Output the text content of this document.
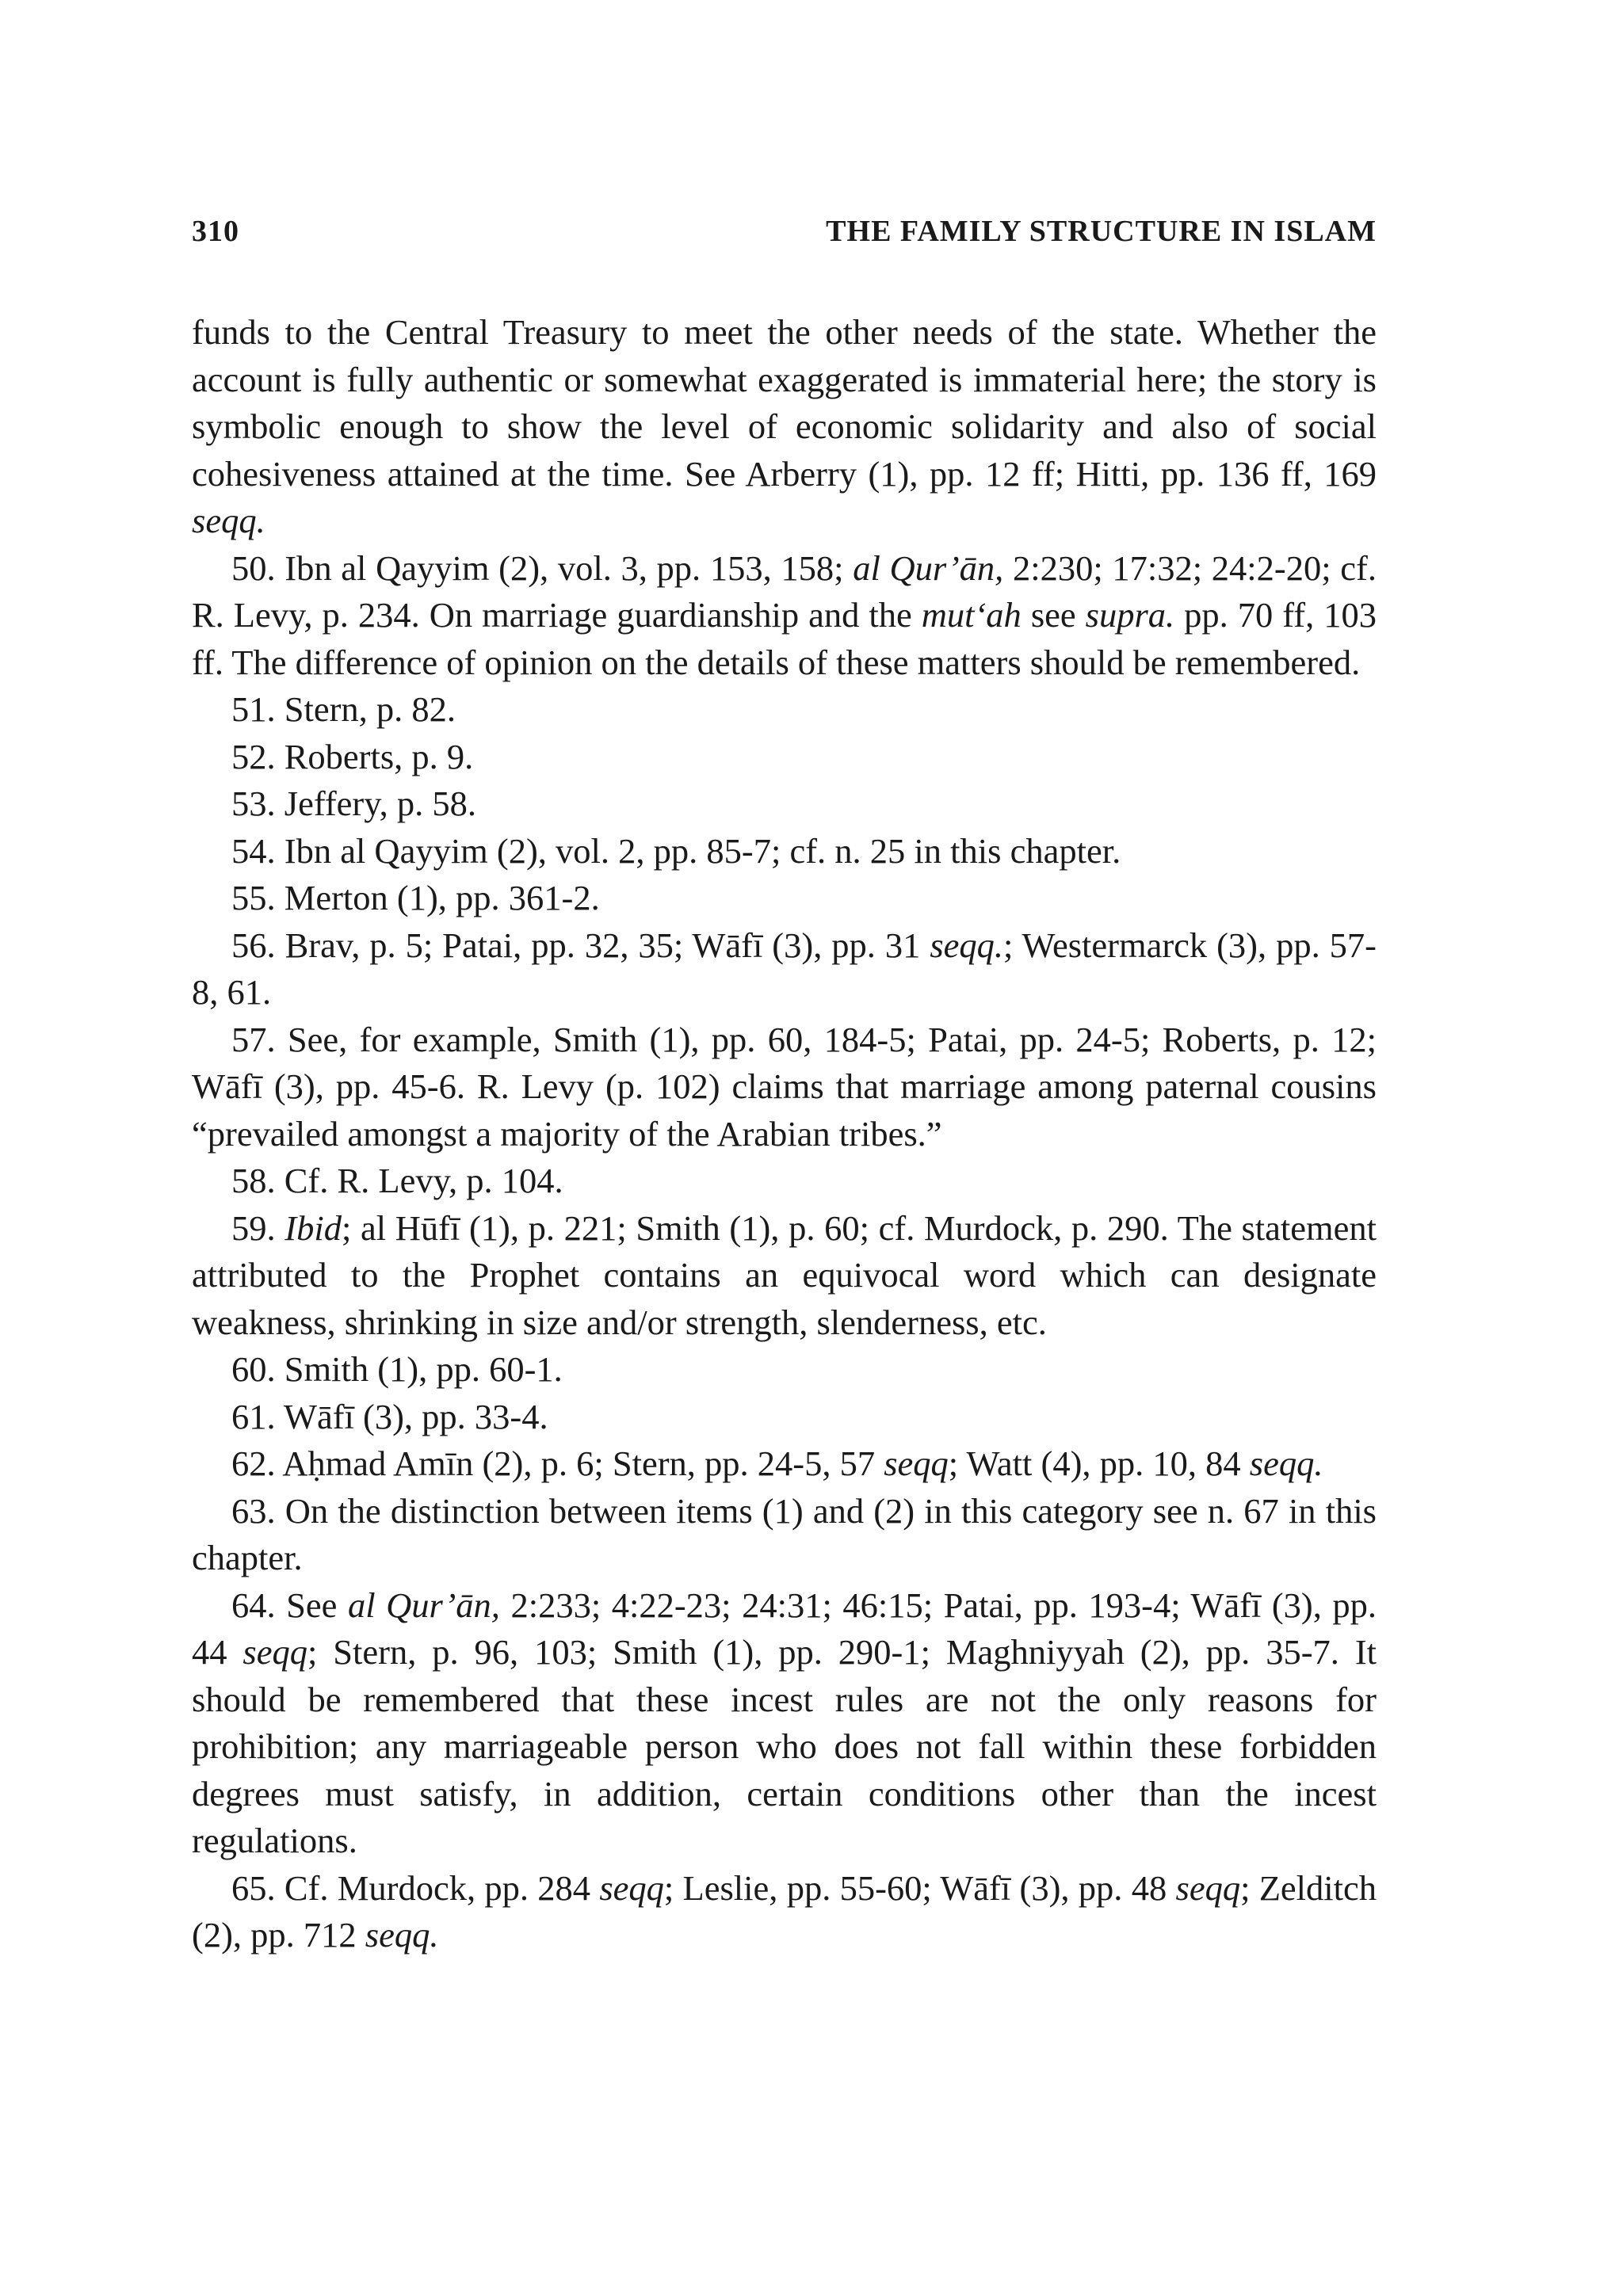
310	THE FAMILY STRUCTURE IN ISLAM

funds to the Central Treasury to meet the other needs of the state. Whether the account is fully authentic or somewhat exaggerated is immaterial here; the story is symbolic enough to show the level of economic solidarity and also of social cohesiveness attained at the time. See Arberry (1), pp. 12 ff; Hitti, pp. 136 ff, 169 seqq.

50. Ibn al Qayyim (2), vol. 3, pp. 153, 158; al Qur’ān, 2:230; 17:32; 24:2-20; cf. R. Levy, p. 234. On marriage guardianship and the mut‘ah see supra. pp. 70 ff, 103 ff. The difference of opinion on the details of these matters should be remembered.

51. Stern, p. 82.

52. Roberts, p. 9.

53. Jeffery, p. 58.

54. Ibn al Qayyim (2), vol. 2, pp. 85-7; cf. n. 25 in this chapter.

55. Merton (1), pp. 361-2.

56. Brav, p. 5; Patai, pp. 32, 35; Wāfī (3), pp. 31 seqq.; Westermarck (3), pp. 57-8, 61.

57. See, for example, Smith (1), pp. 60, 184-5; Patai, pp. 24-5; Roberts, p. 12; Wāfī (3), pp. 45-6. R. Levy (p. 102) claims that marriage among paternal cousins “prevailed amongst a majority of the Arabian tribes.”

58. Cf. R. Levy, p. 104.

59. Ibid; al Hūfī (1), p. 221; Smith (1), p. 60; cf. Murdock, p. 290. The statement attributed to the Prophet contains an equivocal word which can designate weakness, shrinking in size and/or strength, slenderness, etc.

60. Smith (1), pp. 60-1.

61. Wāfī (3), pp. 33-4.

62. Aḥmad Amīn (2), p. 6; Stern, pp. 24-5, 57 seqq; Watt (4), pp. 10, 84 seqq.

63. On the distinction between items (1) and (2) in this category see n. 67 in this chapter.

64. See al Qur’ān, 2:233; 4:22-23; 24:31; 46:15; Patai, pp. 193-4; Wāfī (3), pp. 44 seqq; Stern, p. 96, 103; Smith (1), pp. 290-1; Maghniyyah (2), pp. 35-7. It should be remembered that these incest rules are not the only reasons for prohibition; any marriageable person who does not fall within these forbidden degrees must satisfy, in addition, certain conditions other than the incest regulations.

65. Cf. Murdock, pp. 284 seqq; Leslie, pp. 55-60; Wāfī (3), pp. 48 seqq; Zelditch (2), pp. 712 seqq.
